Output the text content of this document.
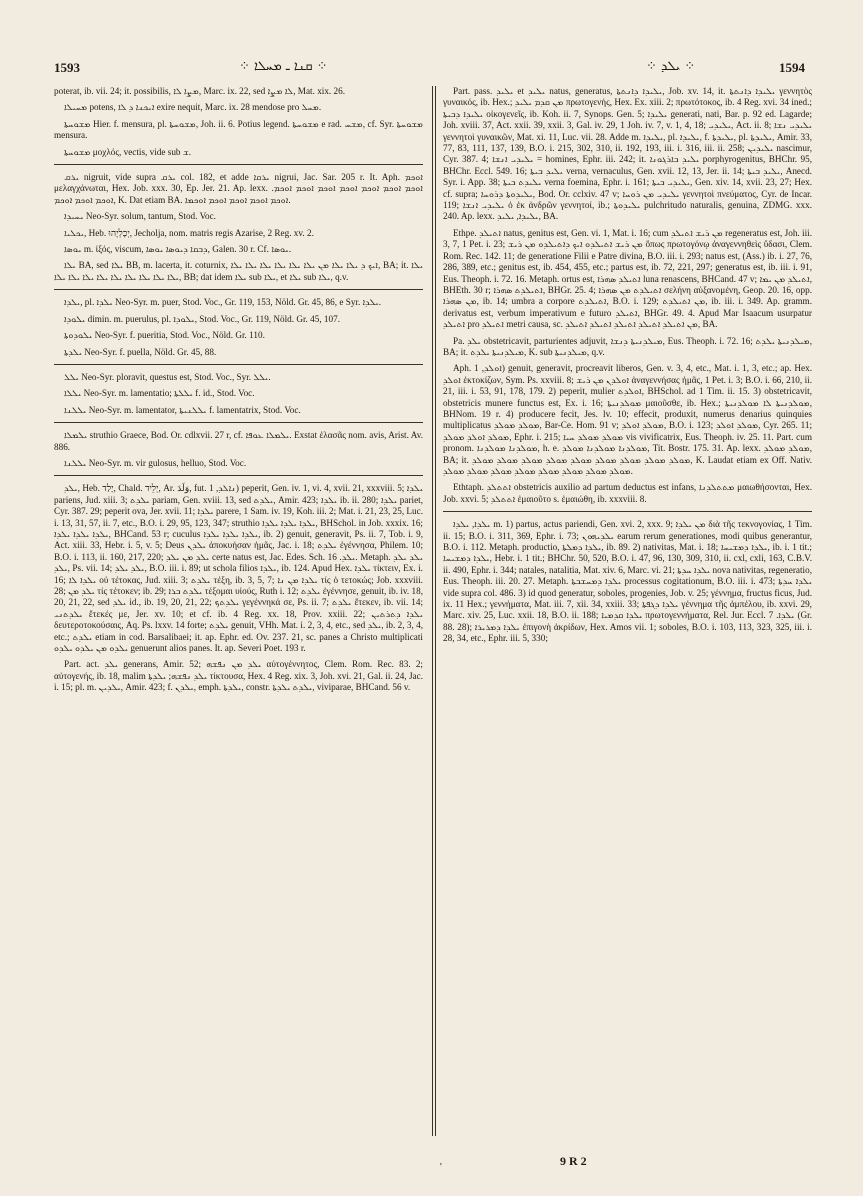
1593	⁘ ܩܢܐ ـ ܡܚܠܐ ⁘	⁘ ܝܠܕ ⁘	1594

poterat, ib. vii. 24; it. possibilis, ܡܨܐ ܠܐ, Marc. ix. 22, sed ܠܐ ܡܨܐ, Mat. xix. 26.

ܡܚܝܠܐ potens, ܐܝܟܢܐ ܕ ܠܐ exire nequit, Marc. ix. 28 mendose pro ܡܚܠ.

ܡܫܘܚܬܐ Hier. f. mensura, pl. ܡܫܘܚܬܐ, Joh. ii. 6. Potius legend. ܡܫܘܚܬܐ e rad. ܡܫܚ, cf. Syr. ܡܫܘܚܬܐ mensura.

ܡܫܘܚܬܐ μοχλός, vectis, vide sub ܫ.

ܝܪܩ nigruit, vide supra ܝܪܩ col. 182, et adde ܝܪܩܐ nigrui, Jac. Sar. 205 r. It. Aph. ܐܘܟܡ μελαγχάνωται, Hex. Job. xxx. 30, Ep. Jer. 21. Ap. lexx. ܐܘܟܡ ܐܘܟܡ ܐܘܟܡ ܐܘܟܡ ܐܘܟܡ ܐܘܟܡ ܐܘܟܡ. ܐܘܟܡ ܐܘܟܡ ܐܘܟܡ, K. Dat etiam BA. ܐܘܟܡ ܐܘܟܡ ܐܘܟܡ ܐܘܟܡ ܐܘܟܡܐ.

ܝܚܝܕܐ Neo-Syr. solum, tantum, Stod. Voc.

ܝܟܠܝܐ, Heb. יְכָלְיָהוּ, Jecholja, nom. matris regis Azarise, 2 Reg. xv. 2.

ܝܘܣܐ m. ἰξός, viscum, ܕܒܩܐ ܕܝܘܣܐ ܝܘܣܐ, Galen. 30 r. Cf. ܝܘܣܐ.

ܝܠܐ BA, sed ܝܠܐ BB, m. lacerta, it. coturnix, ܐܝܟ ܕ ܝܠܐ ܝܠܐ ܡܢ ܝܠܐ ܝܠܐ ܝܠܐ ܝܠܐ ܝܠܐ ܝܠܐ, BA; it. ܝܠܐ ܝܠܐ ܝܠܐ ܝܠܐ ܝܠܐ ܝܠܐ ܝܠܐ ܝܠܐ ܝܠܐ ܝܠܐ, BB; dat idem ܝܠܐ sub ܝܠܐ, et ܝܠܐ sub ܝܠܐ, q.v.

ܝܠܕܐ, pl. ܝܠܕܐ Neo-Syr. m. puer, Stod. Voc., Gr. 119, 153, Nöld. Gr. 45, 86, e Syr. ܝܠܕܐ.

ܝܠܘܕܐ dimin. m. puerulus, pl. ܝܠܘܕܐ, Stod. Voc., Gr. 119, Nöld. Gr. 45, 107.

ܝܠܘܕܘܬܐ Neo-Syr. f. pueritia, Stod. Voc., Nöld. Gr. 110.

ܝܠܕܬܐ Neo-Syr. f. puella, Nöld. Gr. 45, 88.

ܝܠܠ Neo-Syr. ploravit, questus est, Stod. Voc., Syr. ܝܠܠ.

ܝܠܠܐ Neo-Syr. m. lamentatio; ܝܠܠܬܐ f. id., Stod. Voc.

ܝܠܠܢܐ Neo-Syr. m. lamentator, ܝܠܠܢܝܬܐ f. lamentatrix, Stod. Voc.

ܝܠܡܠܐ struthio Graece, Bod. Or. cdlxvii. 27 r, cf. ܝܠܡܠܐ ܥܘܦܐ. Exstat ἐλασᾶς nom. avis, Arist. Av. 886.

ܝܠܠܢܐ Neo-Syr. m. vir gulosus, helluo, Stod. Voc.

ܝܠܕ, Heb. יָלַד, Chald. יְלֵיד, Ar. وَلَدَ, fut. ܢܐܠܕ, 1) peperit, Gen. iv. 1, vi. 4, xvii. 21, xxxviii. 5; ܝܠܕܐ pariens, Jud. xiii. 3; ܝܠܕܬ pariam, Gen. xviii. 13, sed ܝܠܕܬ, Amir. 423; ܝܠܕܐ ib. ii. 280; ܝܠܕܐ pariet, Cyr. 387. 29; peperit ova, Jer. xvii. 11; ܝܠܕܐ parere, 1 Sam. iv. 19, Koh. iii. 2; Mat. i. 21, 23, 25, Luc. i. 13, 31, 57, ii. 7, etc., B.O. i. 29, 95, 123, 347; struthio ܝܠܕܐ ܝܠܕܐ ܝܠܕܐ, BHSchol. in Job. xxxix. 16; ܝܠܕܐ ܝܠܕܐ ܝܠܕܐ, BHCand. 53 r; cuculus ܝܠܕܐ ܝܠܕܐ ܝܠܕܐ, ib. 2) genuit, generavit, Ps. ii. 7, Tob. i. 9, Act. xiii. 33, Hebr. i. 5, v. 5; Deus ܝܠܕܢ ἀποκυήσαν ἡμᾶς, Jac. i. 18; ܝܠܕܬ ἐγέννησα, Philem. 10; B.O. i. 113, ii. 160, 217, 220; ܝܠܕ ܡܢ ܝܠܕ certe natus est, Jac. Edes. Sch. ܝܠܕ. 16. Metaph. ܝܠܕ ܝܠܕ ܝܠܕ, Ps. vii. 14; ܝܠܕ ܝܠܕ, B.O. iii. i. 89; ut schola filios ܝܠܕܐ, ib. 124. Apud Hex. ܝܠܕܐ τίκτειν, Ex. i. 16; ܝܠܕܐ ܠܐ οὐ τέτοκας, Jud. xiii. 3; ܝܠܕܬ τέξη, ib. 3, 5, 7; ܝܠܕܐ ܡܢ ܢܐ τίς ὁ τετοκώς; Job. xxxviii. 28; ܝܠܕ ܡܢ τίς τέτοκεν; ib. 29; ܝܠܕܬ ܒܪܐ τέξομαι υἱούς, Ruth i. 12; ܝܠܕܬ ἐγέννησε, genuit, ib. iv. 18, 20, 21, 22, sed ܝܠܕ id., ib. 19, 20, 21, 22; ܝܠܕܬܟ γεγέννηκά σε, Ps. ii. 7; ܝܠܕܬ ἔτεκεν, ib. vii. 14; ܝܠܕܬܢܝ ἔτεκές με, Jer. xv. 10; et cf. ib. 4 Reg. xx. 18, Prov. xxiii. 22; ܝܠܕܐ ܕܬܪܬܝܢ δευτεροτοκούσαις, Aq. Ps. lxxv. 14 forte; ܝܠܕܬ genuit, VHh. Mat. i. 2, 3, 4, etc., sed ܝܠܕ, ib. 2, 3, 4, etc.; ܝܠܕܬ etiam in cod. Barsalibaei; it. ap. Ephr. ed. Ov. 237. 21, sc. panes a Christo multiplicati ܝܠܕܘ ܡܢ ܝܠܕܘ ܝܠܕܘ genuerunt alios panes. It. ap. Severi Poet. 193 r.

Part. act. ܝܠܕ generans, Amir. 52; ܝܠܕ ܡܢ ܢܦܫܗ αὐτογέννητος, Clem. Rom. Rec. 83. 2; αὐτογενής, ib. 18, malim ܝܠܕ ܢܦܫܗ; ܝܠܕܬܐ τίκτουσα, Hex. 4 Reg. xix. 3, Joh. xvi. 21, Gal. ii. 24, Jac. i. 15; pl. m. ܝܠܕܝܢ, Amir. 423; f. ܝܠܕܢ, emph. ܝܠܕܬܐ, constr. ܝܠܕܬ ܝܠܕܬܐ, viviparae, BHCand. 56 v.

Part. pass. ܝܠܝܕ et ܝܠܝܕ natus, generatus, ܝܠܝܕܐ ܕܐܢܬܬܐ, Job. xv. 14, it. ܝܠܝܕܐ ܕܐܢܬܬܐ γεννητὸς γυναικός, ib. Hex.; ܡܢ ܩܕܡ ܝܠܝܕ πρωτογενής, Hex. Ex. xiii. 2; πρωτότοκος, ib. 4 Reg. xvi. 34 ined.; ܝܠܝܕܐ ܕܒܝܬܐ οἰκογενεῖς, ib. Koh. ii. 7, Synops. Gen. 5; ܝܠܝܕܐ generati, nati, Bar. p. 92 ed. Lagarde; Joh. xviii. 37, Act. xxii. 39, xxii. 3, Gal. iv. 29, 1 Joh. iv. 7, v. 1, 4, 18; ܝܠܝܕܝ, Act. ii. 8; ܝܠܝܕܝ ܢܫܐ γεννητοὶ γυναικῶν, Mat. xi. 11, Luc. vii. 28. Adde m. ܝܠܝܕܐ, pl. ܝܠܝܕܐ, f. ܝܠܝܕܬܐ, pl. ܝܠܝܕܬܐ, Amir. 33, 77, 83, 111, 137, 139, B.O. i. 215, 302, 310, ii. 192, 193, iii. i. 316, iii. ii. 258; ܝܠܝܕܝܢ nascimur, Cyr. 387. 4; ܝܠܝܕܝ ܐܢܫܐ = homines, Ephr. iii. 242; it. ܝܠܝܕ ܒܐܪܓܘܢܐ porphyrogenitus, BHChr. 95, BHChr. Eccl. 549. 16; ܝܠܝܕ ܒܝܬܐ verna, vernaculus, Gen. xvii. 12, 13, Jer. ii. 14; ܝܠܝܕ ܒܝܬܐ, Anecd. Syr. i. App. 38; ܝܠܝܕܬ ܒܝܬܐ verna foemina, Ephr. i. 161; ܝܠܝܕܝ ܒܝܬܐ, Gen. xiv. 14, xvii. 23, 27; Hex. cf. supra; ܝܠܝܕܘܬܐ ܕܪܘܚܐ, Bod. Or. cclxiv. 47 v; ܝܠܝܕܝ ܡܢ ܪܘܚܐ γεννητοὶ πνεύματος, Cyr. de Incar. 119; ܝܠܝܕܝ ܐܢܫܐ ὁ ἐκ ἀνδρῶν γεννητοί, ib.; ܝܠܝܕܘܬܐ pulchritudo naturalis, genuina, ZDMG. xxx. 240. Ap. lexx. ܝܠܝܕܐ, ܝܠܝܕ, BA.

Ethpe. ܐܬܝܠܕ natus, genitus est, Gen. vi. 1, Mat. i. 16; cum ܡܢ ܪܝܫ ܐܬܝܠܕ regeneratus est, Joh. iii. 3, 7, 1 Pet. i. 23; ܡܢ ܪܝܫ ܐܬܝܠܕܘ ܐܝܟ ܕܐܬܝܠܕܘ ܡܢ ܪܝܫ ὅπως πρωτογόνῳ ἀναγεννηθεὶς ὕδασι, Clem. Rom. Rec. 142. 11; de generatione Filii e Patre divina, B.O. iii. i. 293; natus est, (Ass.) ib. i. 27, 76, 286, 389, etc.; genitus est, ib. 454, 455, etc.; partus est, ib. 72, 221, 297; generatus est, ib. iii. i. 91, Eus. Theoph. i. 72. 16. Metaph. ortus est, ܐܬܝܠܕ ܣܗܪܐ luna renascens, BHCand. 47 v; ܐܬܝܠܕ ܡܢ ܝܡܐ, BHEth. 30 r; ܐܬܝܠܕܬ ܣܗܪܐ, BHGr. 25. 4; ܐܬܝܠܕܬ ܡܢ ܣܗܪܐ σελήνη αὐξανομένη, Geop. 20. 16, opp. ܡܢ ܣܗܪܐ, ib. 14; umbra a corpore ܐܬܝܠܕܬ, B.O. i. 129; ܡܢ ܐܬܝܠܕܬ, ib. iii. i. 349. Ap. gramm. derivatus est, verbum imperativum e futuro ܐܬܝܠܕ, BHGr. 49. 4. Apud Mar Isaacum usurpatur ܐܬܝܠܕ pro ܐܬܝܠܕ metri causa, sc. ܡܢ ܐܬܝܠܕ ܐܬܝܠܕ ܐܬܝܠܕ ܐܬܝܠܕ ܐܬܝܠܕ, BA.

Pa. ܝܠܕ obstetricavit, parturientes adjuvit, ܡܝܠܕܢܝܬܐ ܕܢܫܐ, Eus. Theoph. i. 72. 16; ܡܝܠܕܢܝܬܐ ܝܠܕܬ, BA; it. ܡܝܠܕܢܝܬܐ ܝܠܕܬ, K. sub ܡܝܠܕܢܝܬܐ, q.v.

Aph. ܐܘܠܕ, 1) genuit, generavit, procreavit liberos, Gen. v. 3, 4, etc., Mat. i. 1, 3, etc.; ap. Hex. ܐܘܠܕ ἐκτοκίζων, Sym. Ps. xxviii. 8; ܐܘܠܕܢ ܡܢ ܪܝܫ ἀναγεννήσας ἡμᾶς, 1 Pet. i. 3; B.O. i. 66, 210, ii. 21, iii. i. 53, 91, 178, 179. 2) peperit, mulier ܐܘܠܕܬ, BHSchol. ad 1 Tim. ii. 15. 3) obstetricavit, obstetricis munere functus est, Ex. i. 16; ܡܘܠܕܢܝܬܐ μαιοῦσθε, ib. Hex.; ܡܘܠܕܢܝܬܐ ܠܐ ܡܘܠܕܢܝܬܐ, BHNom. 19 r. 4) producere fecit, Jes. lv. 10; effecit, produxit, numerus denarius quinquies multiplicatus ܡܘܠܕ ܡܘܠܕ, Bar-Ce. Hom. 91 v; ܡܘܠܕ ܐܘܠܕ, B.O. i. 123; ܡܘܠܕ ܐܘܠܕ, Cyr. 265. 11; ܡܘܠܕ ܐܘܠܕ ܡܘܠܕ, Ephr. i. 215; ܡܘܠܕ ܡܘܠܕ ܚܝܐ vis vivificatrix, Eus. Theoph. iv. 25. 11. Part. cum pronom. ܡܘܠܕܢܐ ܡܘܠܕܢܐ, h. e. ܡܘܠܕܢܐ ܡܘܠܕܢܐ ܡܘܠܕ, Tit. Bostr. 175. 31. Ap. lexx. ܡܘܠܕ ܡܘܠܕ, BA; it. ܡܘܠܕ ܡܘܠܕ ܡܘܠܕ ܡܘܠܕ ܡܘܠܕ ܡܘܠܕ ܡܘܠܕ ܡܘܠܕ ܡܘܠܕ, K. Laudat etiam ex Off. Nativ. ܡܘܠܕ ܡܘܠܕ ܡܘܠܕ ܡܘܠܕ ܡܘܠܕ ܡܘܠܕ ܡܘܠܕ ܡܘܠܕ.

Ethtaph. ܐܬܬܠܕ obstetricis auxilio ad partum deductus est infans, ܡܬܬܠܕܢܐ μαιωθήσονται, Hex. Job. xxvi. 5; ܐܬܬܠܕ ἐμαιοῦτο s. ἐμαιώθη, ib. xxxviii. 8.

ܝܠܕܐ, ܝܠܕܐ m. 1) partus, actus pariendi, Gen. xvi. 2, xxx. 9; ܡܢ ܝܠܕܐ διὰ τῆς τεκνογονίας, 1 Tim. ii. 15; B.O. i. 311, 369, Ephr. i. 73; ܝܠܕܝܗܘܢ earum rerum generationes, modi quibus generantur, B.O. i. 112. Metaph. productio, ܝܠܕܐ ܕܡܠܬܐ, ib. 89. 2) nativitas, Mat. i. 18; ܝܠܕܐ ܕܡܫܝܚܐ, ib. i. 1 tit.; ܝܠܕܐ ܕܡܫܝܚܐ, Hebr. i. 1 tit.; BHChr. 50, 520, B.O. i. 47, 96, 130, 309, 310, ii. cxl, cxli, 163, C.B.V. ii. 490, Ephr. i. 344; natales, natalitia, Mat. xiv. 6, Marc. vi. 21; ܝܠܕܐ ܚܕܬܐ nova nativitas, regeneratio, Eus. Theoph. iii. 20. 27. Metaph. ܝܠܕܐ ܕܡܚܫܒܬܐ processus cogitationum, B.O. iii. i. 473; ܝܠܕܐ ܚܕܬܐ vide supra col. 486. 3) id quod generatur, soboles, progenies, Job. v. 25; γέννημα, fructus ficus, Jud. ix. 11 Hex.; γεννήματα, Mat. iii. 7, xii. 34, xxiii. 33; ܝܠܕܐ ܕܓܦܬܐ γέννημα τῆς ἀμπέλου, ib. xxvi. 29, Marc. xiv. 25, Luc. xxii. 18, B.O. ii. 188; ܝܠܕܐ ܩܕܡܝܐ πρωτογεννήματα, Rel. Jur. Eccl. ܝܠܕܐ. 7 (Gr. 88. 28); ܝܠܕܐ ܕܡܪܝܪܐ ἐπιγονὴ ἀκρίδων, Hex. Amos vii. 1; soboles, B.O. i. 103, 113, 323, 325, iii. i. 28, 34, etc., Ephr. iii. 5, 330;

'	9 R 2
